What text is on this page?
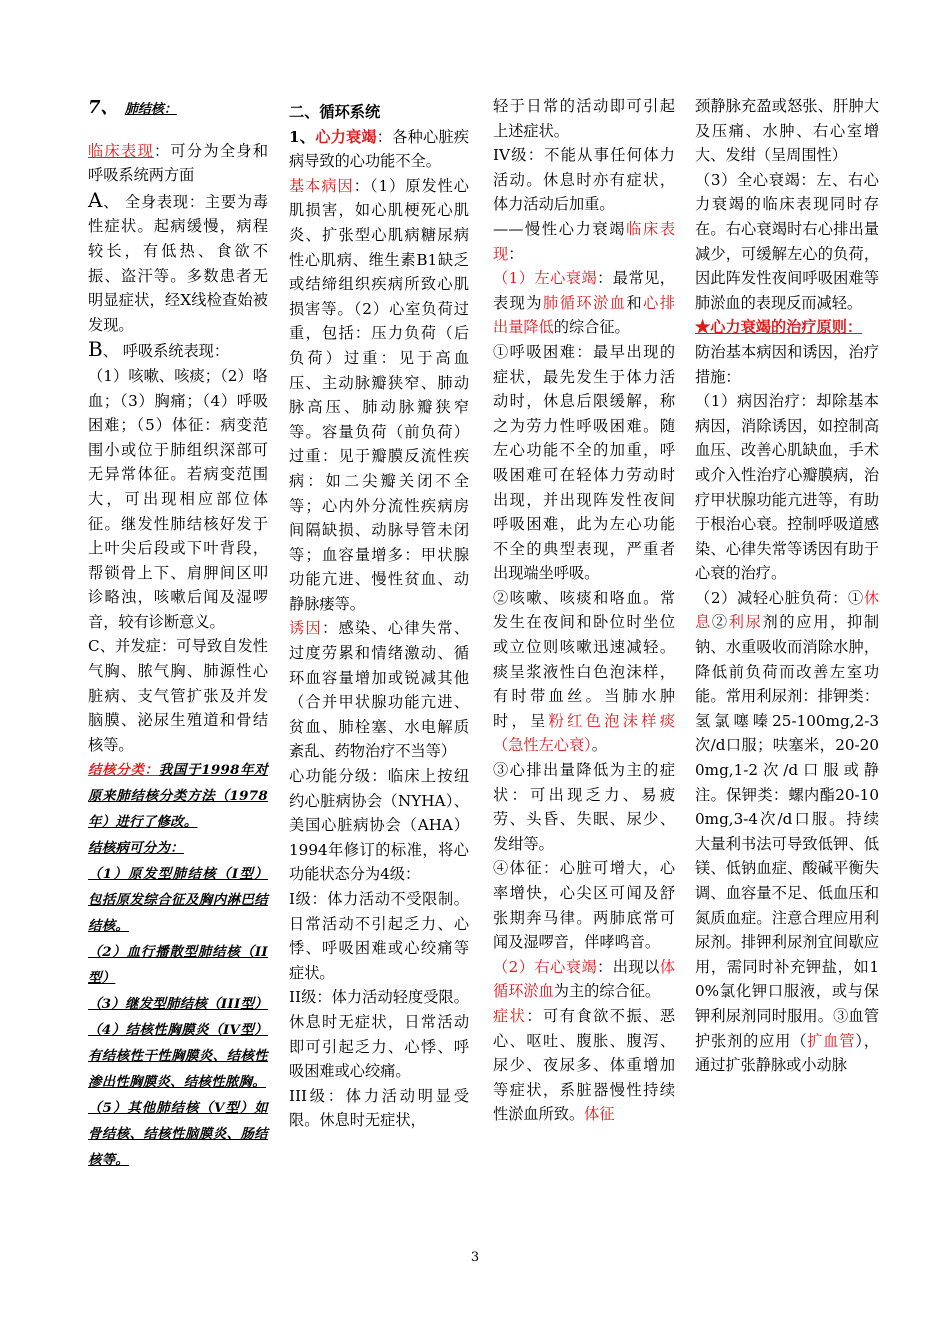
7、 肺结核：

临床表现：可分为全身和呼吸系统两方面

A、 全身表现：主要为毒性症状。起病缓慢，病程较长，有低热、食欲不振、盗汗等。多数患者无明显症状，经X线检查始被发现。

B、 呼吸系统表现：

（1）咳嗽、咳痰；（2）咯血；（3）胸痛；（4）呼吸困难；（5）体征：病变范围小或位于肺组织深部可无异常体征。若病变范围大，可出现相应部位体征。继发性肺结核好发于上叶尖后段或下叶背段，帮锁骨上下、肩胛间区叩诊略浊，咳嗽后闻及湿啰音，较有诊断意义。

C、并发症：可导致自发性气胸、脓气胸、肺源性心脏病、支气管扩张及并发脑膜、泌尿生殖道和骨结核等。

结核分类：我国于1998年对原来肺结核分类方法（1978年）进行了修改。

结核病可分为：

（1）原发型肺结核（I型）包括原发综合征及胸内淋巴结结核。

（2）血行播散型肺结核（II型）

（3）继发型肺结核（III型）

（4）结核性胸膜炎（IV型）有结核性干性胸膜炎、结核性渗出性胸膜炎、结核性脓胸。

（5）其他肺结核（V型）如骨结核、结核性脑膜炎、肠结核等。

二、循环系统

1、心力衰竭：各种心脏疾病导致的心功能不全。

基本病因：（1）原发性心肌损害，如心肌梗死心肌炎、扩张型心肌病糖尿病性心肌病、维生素B1缺乏或结缔组织疾病所致心肌损害等。（2）心室负荷过重，包括：压力负荷（后负荷）过重：见于高血压、主动脉瓣狭窄、肺动脉高压、肺动脉瓣狭窄等。容量负荷（前负荷）过重：见于瓣膜反流性疾病：如二尖瓣关闭不全等；心内外分流性疾病房间隔缺损、动脉导管未闭等；血容量增多：甲状腺功能亢进、慢性贫血、动静脉瘘等。

诱因：感染、心律失常、过度劳累和情绪激动、循环血容量增加或锐减其他（合并甲状腺功能亢进、贫血、肺栓塞、水电解质紊乱、药物治疗不当等）

心功能分级：临床上按纽约心脏病协会（NYHA）、美国心脏病协会（AHA）1994年修订的标准，将心功能状态分为4级：

I级：体力活动不受限制。日常活动不引起乏力、心悸、呼吸困难或心绞痛等症状。

II级：体力活动轻度受限。休息时无症状，日常活动即可引起乏力、心悸、呼吸困难或心绞痛。

III级：体力活动明显受限。休息时无症状，

轻于日常的活动即可引起上述症状。

IV级：不能从事任何体力活动。休息时亦有症状，体力活动后加重。

——慢性心力衰竭临床表现：

（1）左心衰竭：最常见，表现为肺循环淤血和心排出量降低的综合征。

①呼吸困难：最早出现的症状，最先发生于体力活动时，休息后限缓解，称之为劳力性呼吸困难。随左心功能不全的加重，呼吸困难可在轻体力劳动时出现，并出现阵发性夜间呼吸困难，此为左心功能不全的典型表现，严重者出现端坐呼吸。

②咳嗽、咳痰和咯血。常发生在夜间和卧位时坐位或立位则咳嗽迅速减轻。痰呈浆液性白色泡沫样，有时带血丝。当肺水肿时，呈粉红色泡沫样痰（急性左心衰）。

③心排出量降低为主的症状：可出现乏力、易疲劳、头昏、失眠、尿少、发绀等。

④体征：心脏可增大，心率增快，心尖区可闻及舒张期奔马律。两肺底常可闻及湿啰音，伴哮鸣音。

（2）右心衰竭：出现以体循环淤血为主的综合征。

症状：可有食欲不振、恶心、呕吐、腹胀、腹泻、尿少、夜尿多、体重增加等症状，系脏器慢性持续性淤血所致。体征

颈静脉充盈或怒张、肝肿大及压痛、水肿、右心室增大、发绀（呈周围性）

（3）全心衰竭：左、右心力衰竭的临床表现同时存在。右心衰竭时右心排出量减少，可缓解左心的负荷，因此阵发性夜间呼吸困难等肺淤血的表现反而减轻。

★心力衰竭的治疗原则：

防治基本病因和诱因，治疗措施：

（1）病因治疗：却除基本病因，消除诱因，如控制高血压、改善心肌缺血，手术或介入性治疗心瓣膜病，治疗甲状腺功能亢进等，有助于根治心衰。控制呼吸道感染、心律失常等诱因有助于心衰的治疗。

（2）减轻心脏负荷：①休息②利尿剂的应用，抑制钠、水重吸收而消除水肿，降低前负荷而改善左室功能。常用利尿剂：排钾类：氢氯噻嗪25-100mg,2-3次/d口服；呋塞米，20-200mg,1-2次/d口服或静注。保钾类：螺内酯20-100mg,3-4次/d口服。持续大量利书法可导致低钾、低镁、低钠血症、酸碱平衡失调、血容量不足、低血压和氮质血症。注意合理应用利尿剂。排钾利尿剂宜间歇应用，需同时补充钾盐，如10%氯化钾口服液，或与保钾利尿剂同时服用。③血管护张剂的应用（扩血管），通过扩张静脉或小动脉

3
